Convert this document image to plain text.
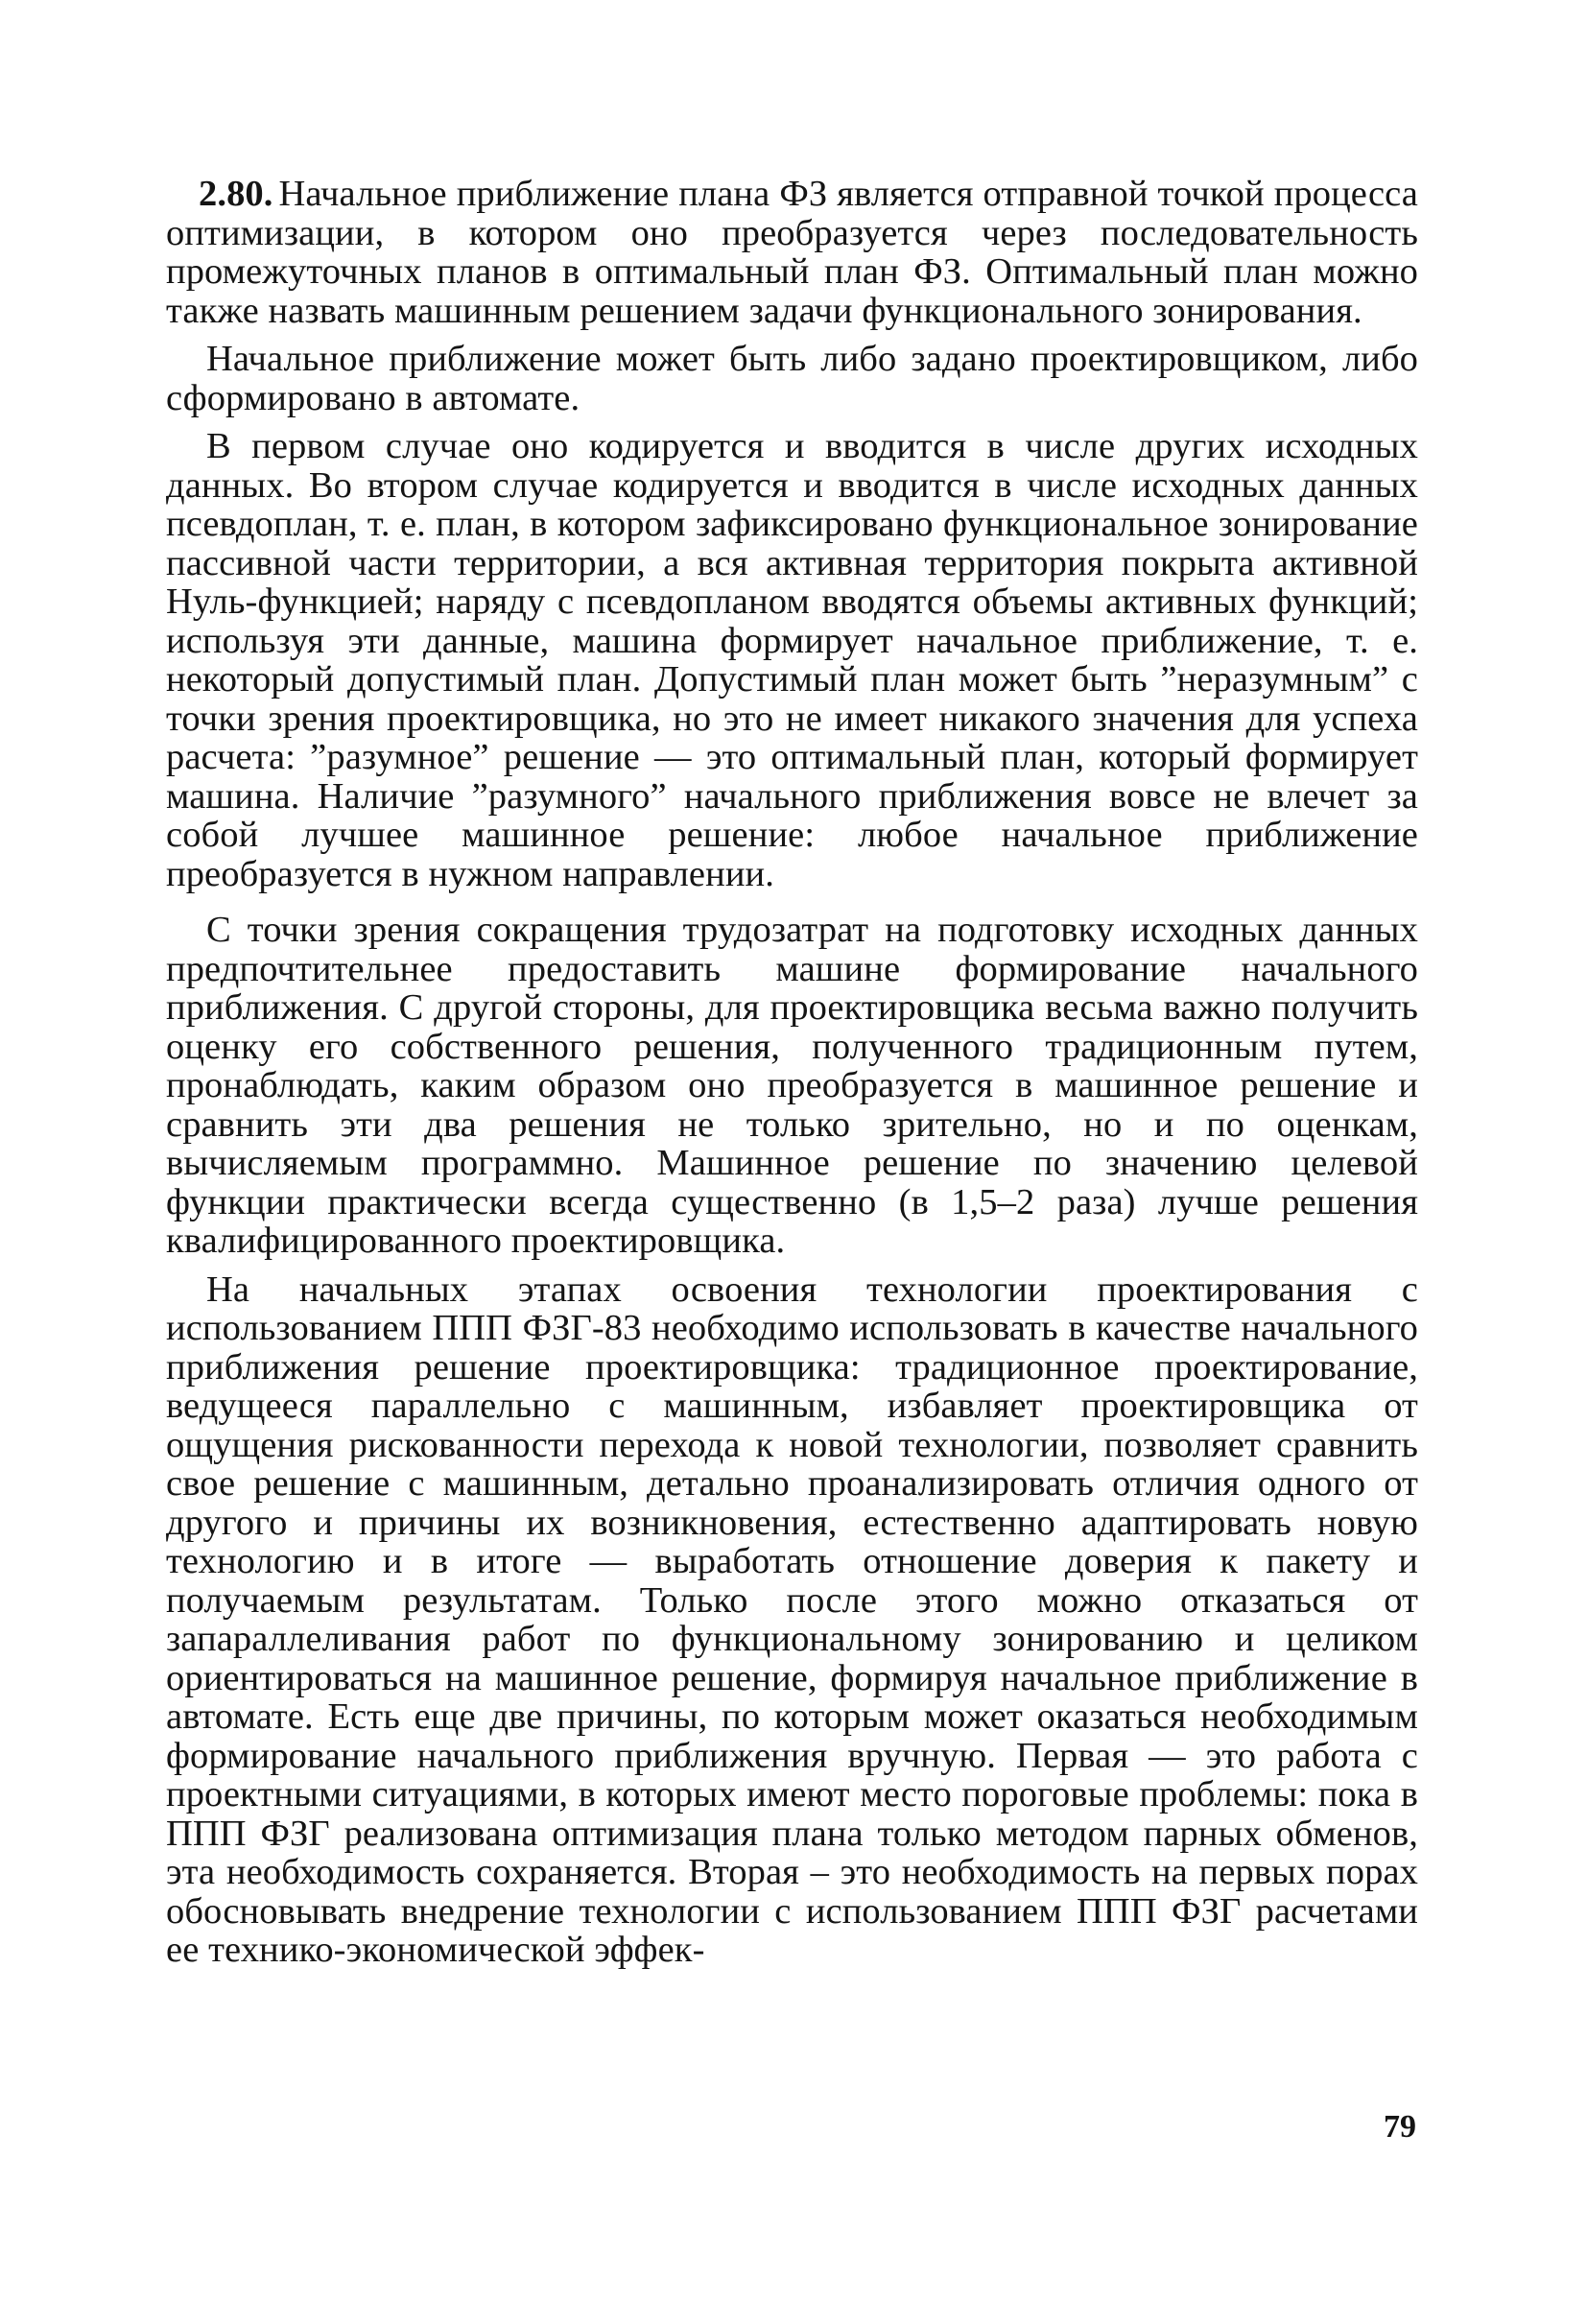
2.80. Начальное приближение плана ФЗ является отправной точкой процесса оптимизации, в котором оно преобразуется через последовательность промежуточных планов в оптимальный план ФЗ. Оптимальный план можно также назвать машинным решением задачи функционального зонирования.

Начальное приближение может быть либо задано проектировщиком, либо сформировано в автомате.

В первом случае оно кодируется и вводится в числе других исходных данных. Во втором случае кодируется и вводится в числе исходных данных псевдоплан, т. е. план, в котором зафиксировано функциональное зонирование пассивной части территории, а вся активная территория покрыта активной Нуль-функцией; наряду с псевдопланом вводятся объемы активных функций; используя эти данные, машина формирует начальное приближение, т. е. некоторый допустимый план. Допустимый план может быть ”неразумным” с точки зрения проектировщика, но это не имеет никакого значения для успеха расчета: ”разумное” решение — это оптимальный план, который формирует машина. Наличие ”разумного” начального приближения вовсе не влечет за собой лучшее машинное решение: любое начальное приближение преобразуется в нужном направлении.

С точки зрения сокращения трудозатрат на подготовку исходных данных предпочтительнее предоставить машине формирование начального приближения. С другой стороны, для проектировщика весьма важно получить оценку его собственного решения, полученного традиционным путем, пронаблюдать, каким образом оно преобразуется в машинное решение и сравнить эти два решения не только зрительно, но и по оценкам, вычисляемым программно. Машинное решение по значению целевой функции практически всегда существенно (в 1,5–2 раза) лучше решения квалифицированного проектировщика.

На начальных этапах освоения технологии проектирования с использованием ППП ФЗГ-83 необходимо использовать в качестве начального приближения решение проектировщика: традиционное проектирование, ведущееся параллельно с машинным, избавляет проектировщика от ощущения рискованности перехода к новой технологии, позволяет сравнить свое решение с машинным, детально проанализировать отличия одного от другого и причины их возникновения, естественно адаптировать новую технологию и в итоге — выработать отношение доверия к пакету и получаемым результатам. Только после этого можно отказаться от запараллеливания работ по функциональному зонированию и целиком ориентироваться на машинное решение, формируя начальное приближение в автомате. Есть еще две причины, по которым может оказаться необходимым формирование начального приближения вручную. Первая — это работа с проектными ситуациями, в которых имеют место пороговые проблемы: пока в ППП ФЗГ реализована оптимизация плана только методом парных обменов, эта необходимость сохраняется. Вторая – это необходимость на первых порах обосновывать внедрение технологии с использованием ППП ФЗГ расчетами ее технико-экономической эффек-

79
